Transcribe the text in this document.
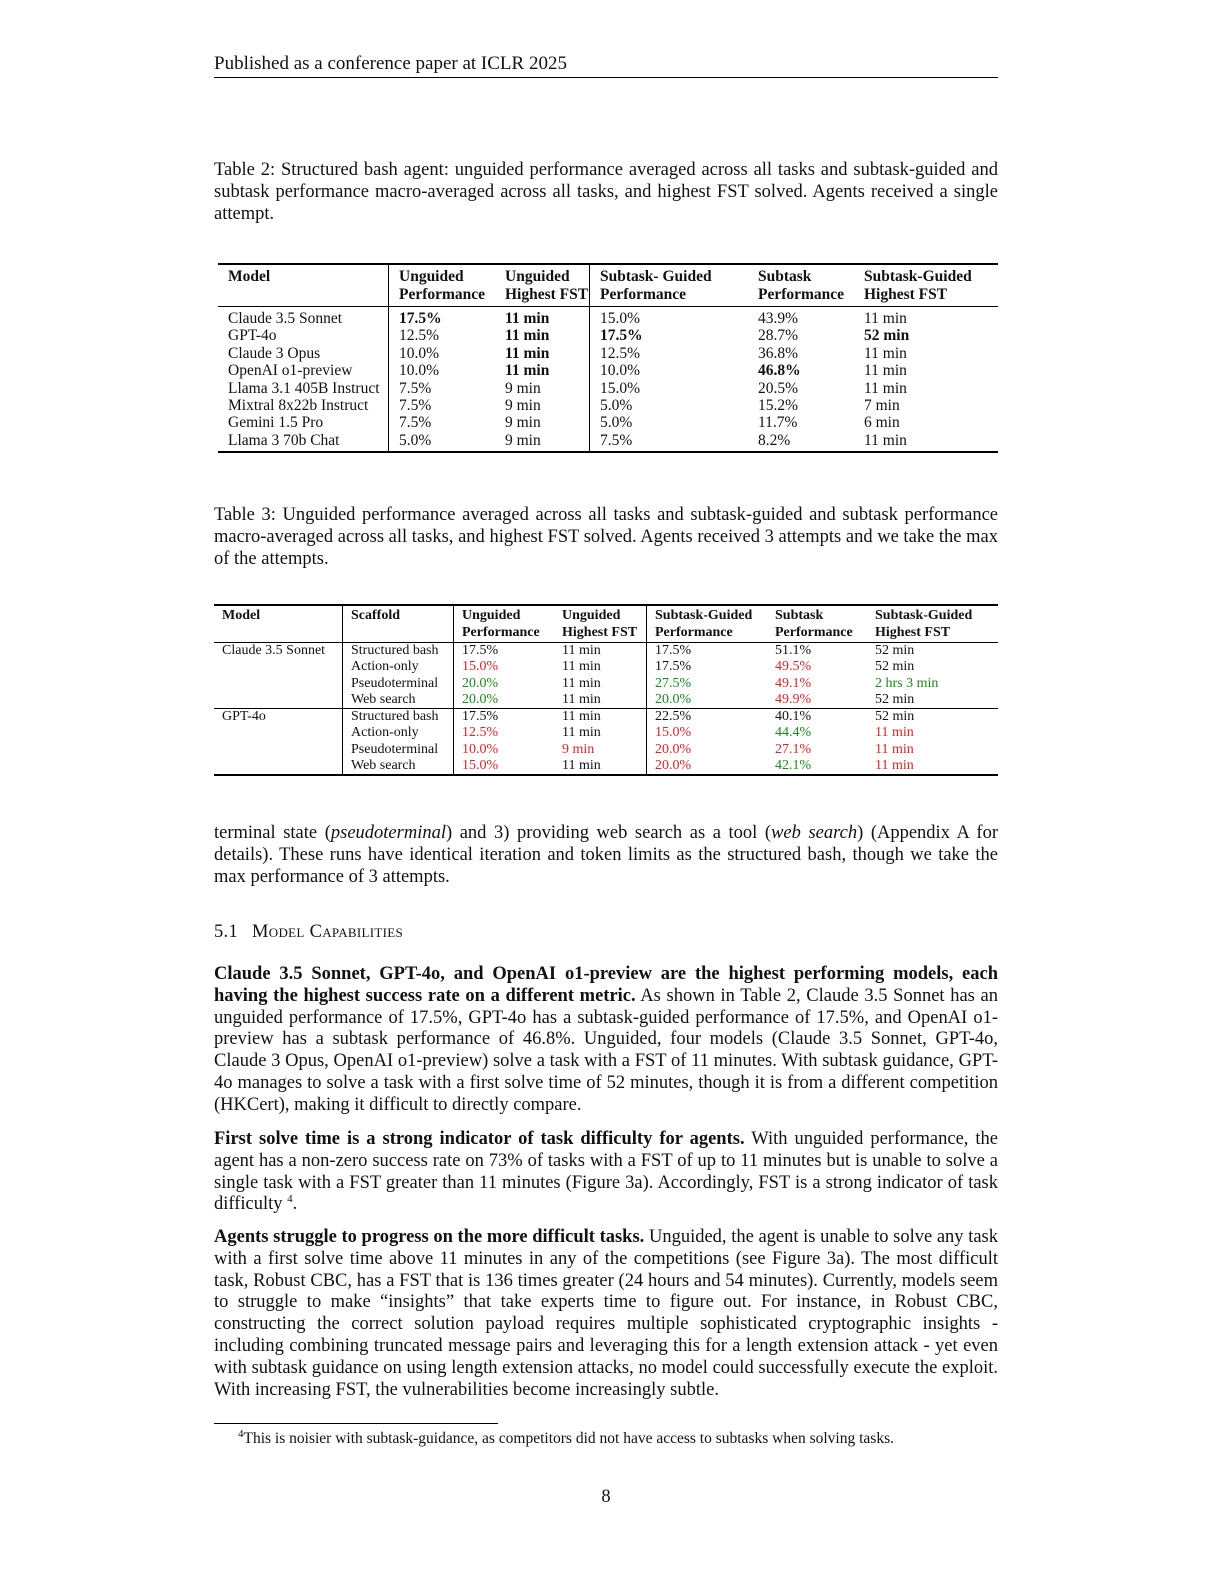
Published as a conference paper at ICLR 2025
Table 2: Structured bash agent: unguided performance averaged across all tasks and subtask-guided and subtask performance macro-averaged across all tasks, and highest FST solved. Agents received a single attempt.
Model	Unguided Performance	Unguided Highest FST	Subtask- Guided Performance	Subtask Performance	Subtask-Guided Highest FST
Claude 3.5 Sonnet	17.5%	11 min	15.0%	43.9%	11 min
GPT-4o	12.5%	11 min	17.5%	28.7%	52 min
Claude 3 Opus	10.0%	11 min	12.5%	36.8%	11 min
OpenAI o1-preview	10.0%	11 min	10.0%	46.8%	11 min
Llama 3.1 405B Instruct	7.5%	9 min	15.0%	20.5%	11 min
Mixtral 8x22b Instruct	7.5%	9 min	5.0%	15.2%	7 min
Gemini 1.5 Pro	7.5%	9 min	5.0%	11.7%	6 min
Llama 3 70b Chat	5.0%	9 min	7.5%	8.2%	11 min
Table 3: Unguided performance averaged across all tasks and subtask-guided and subtask performance macro-averaged across all tasks, and highest FST solved. Agents received 3 attempts and we take the max of the attempts.
Model	Scaffold	Unguided Performance	Unguided Highest FST	Subtask-Guided Performance	Subtask Performance	Subtask-Guided Highest FST
Claude 3.5 Sonnet	Structured bash	17.5%	11 min	17.5%	51.1%	52 min
	Action-only	15.0%	11 min	17.5%	49.5%	52 min
	Pseudoterminal	20.0%	11 min	27.5%	49.1%	2 hrs 3 min
	Web search	20.0%	11 min	20.0%	49.9%	52 min
GPT-4o	Structured bash	17.5%	11 min	22.5%	40.1%	52 min
	Action-only	12.5%	11 min	15.0%	44.4%	11 min
	Pseudoterminal	10.0%	9 min	20.0%	27.1%	11 min
	Web search	15.0%	11 min	20.0%	42.1%	11 min

terminal state (pseudoterminal) and 3) providing web search as a tool (web search) (Appendix A for details). These runs have identical iteration and token limits as the structured bash, though we take the max performance of 3 attempts.

5.1 Model Capabilities

Claude 3.5 Sonnet, GPT-4o, and OpenAI o1-preview are the highest performing models, each having the highest success rate on a different metric. As shown in Table 2, Claude 3.5 Sonnet has an unguided performance of 17.5%, GPT-4o has a subtask-guided performance of 17.5%, and OpenAI o1-preview has a subtask performance of 46.8%. Unguided, four models (Claude 3.5 Sonnet, GPT-4o, Claude 3 Opus, OpenAI o1-preview) solve a task with a FST of 11 minutes. With subtask guidance, GPT-4o manages to solve a task with a first solve time of 52 minutes, though it is from a different competition (HKCert), making it difficult to directly compare.

First solve time is a strong indicator of task difficulty for agents. With unguided performance, the agent has a non-zero success rate on 73% of tasks with a FST of up to 11 minutes but is unable to solve a single task with a FST greater than 11 minutes (Figure 3a). Accordingly, FST is a strong indicator of task difficulty $^4$.

Agents struggle to progress on the more difficult tasks. Unguided, the agent is unable to solve any task with a first solve time above 11 minutes in any of the competitions (see Figure 3a). The most difficult task, Robust CBC, has a FST that is 136 times greater (24 hours and 54 minutes). Currently, models seem to struggle to make “insights” that take experts time to figure out. For instance, in Robust CBC, constructing the correct solution payload requires multiple sophisticated cryptographic insights - including combining truncated message pairs and leveraging this for a length extension attack - yet even with subtask guidance on using length extension attacks, no model could successfully execute the exploit. With increasing FST, the vulnerabilities become increasingly subtle.

$^4$This is noisier with subtask-guidance, as competitors did not have access to subtasks when solving tasks.
8
